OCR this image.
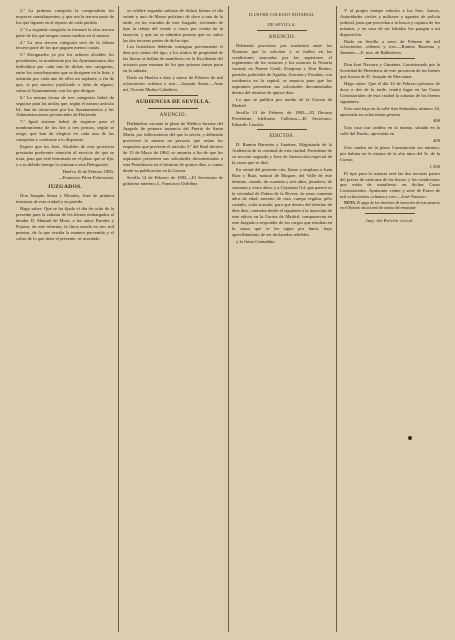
2.ª La primera categoría la compondrán los mayores contribuyentes, y que sea la tercera parte de los que figuren en el reparto de cada partido.

3.ª La segunda categoría la formará la otra tercera parte de los que tengan cuotas medias en el mismo.

4.ª La otra tercera categoría será de la última tercera parte de los que paguen menos cuotas.

5.ª Designados ya por los señores alcaldes los presidentes, se nombrarán por los Ayuntamientos dos individuos por cada una de dichas tres categorías, entre los contribuyentes que se designen en la lista; y asistirán por cada uno de ellos un suplente, a fin de que, si por motivo justificado o falta de alguno, cubra el Ayuntamiento con los que designe.

6.ª La misma forma de tres categorías habrá de seguirse para las tarifas que, según el mismo artículo 64, han de observarse por los Ayuntamientos y las Administraciones provinciales de Hacienda.

7.ª Igual sistema habrá de seguirse para el nombramiento de los dos o tres peritos, según se exige, que han de elegirse en cada una de las categorías y conforme a lo dispuesto.

Espero que los Sres. Alcaldes de esta provincia prestarán preferente atención al servicio de que se trata, para que esté terminado en el plazo que se fija, y a su debido tiempo lo remitan a esta Delegación.

Huelva 16 de Febrero 1883.

—Francisco Pérez Echevarría.

JUZGADOS.

Don Joaquín Serna y Morales, Juez de primera instancia de esta ciudad y su partido.

Hago saber: Que se ha fijado el día de ocho de la presente para la subasta de los bienes embargados al deudor D. Manuel de Mora, a los autos Paredes y Pajares, de este término, la finca tasada en tres mil pesetas, de la que resulta la manera prevenida y el cobro de lo que tiene el presente, se acordado

se celebre segunda subasta de dichos bienes el día veinte y uno de Marzo próximo de doce a una de la tarde, en los estrados de este Juzgado, sirviendo de tipo la rebaja del veinte y cinco por ciento de la tasación, y que no se admitirá postura que no cubra las dos terceras partes de dicho tipo.

Los licitadores deberán consignar previamente el diez por ciento del tipo, y los títulos de propiedad de las fincas se hallan de manifiesto en la Escribanía del actuario para examen de los que quieran tomar parte en la subasta.

Dado en Huelva a diez y nueve de Febrero de mil ochocientos ochenta y tres.—Joaquín Serna.—Ante mí, Vicente Muñoz Caballero.

AUDIENCIA DE SEVILLA.
ANUNCIO.

Hallándose vacante la plaza de Médico forense del Juzgado de primera instancia del Puerto de Santa María, por fallecimiento del que la servía, y debiendo proveerse la misma en persona que reúna los requisitos que previene el artículo 3.º del Real decreto de 13 de Mayo de 1862, se anuncia a fin de que los aspirantes presenten sus solicitudes documentadas a esta Presidencia en el término de quince días, a contar desde su publicación en la Gaceta.

Sevilla 14 de Febrero de 1883.—El Secretario de gobierno interino, L. Francisco Ordóñez.

ILUSTRE COLEGIO NOTARIAL
DE SEVILLA.
ANUNCIO.

Debiendo proveerse por traslación entre los Notarios que lo soliciten y se hallen en las condiciones marcadas por las superiores el reglamento de los notarios y los notarios la Notaría vacante en Puente Genil, Estepona y Don Benito, partidos judiciales de Aguilar, Aracena y Posadas, con residencia en la capital, se anuncia para que los aspirantes presenten sus solicitudes documentadas dentro del término de quince días.

Lo que se publica por medio de la Gaceta de Madrid.

Sevilla 13 de Febrero de 1883.—El Decano Presidente, Idelfonso Calleron.—El Secretario, Eduardo Carrión.

EDICTOS.

D. Ramón Barrenta y Jiménez, Magistrado de la Audiencia de lo criminal de esta ciudad, Presidente de su sección segunda y Juez de Instrucción especial de la causa que se dirá.

En virtud del presente cito, llamo y emplazo a Juan Ruiz y Ruiz, natural de Moguer, del Valle de este término, casado, de cuarenta y seis años, jornalero, de cuarenta y cinco años, y a Cayetano Gil, que parece es la vecindad de Palma de la Rivera, de unos cuarenta años de edad, moreno de cara, cuerpo regular, pelo castaño, color tostado; para que dentro del término de diez días, contados desde el siguiente a la inserción de este edicto en la Gaceta de Madrid, comparezcan en este Juzgado a responder de los cargos que resultan en la causa que se les sigue por hurto, bajo apercibimiento de ser declarados rebeldes.

y la firmo Granadina.

Y al propio tiempo exhorto a los Sres. Jueces, Autoridades civiles y militares y agentes de policía judicial, para que procedan a la busca y captura de los mismos, y en caso de ser habidos los pongan a mi disposición.

Dado en Sevilla a trece de Febrero de mil ochocientos ochenta y tres.—Ramón Barrenta y Jiménez.—E. mar. de Ballesteros.

Don José Navarro y Giménez, Comisionado por la Sociedad de Herederos de este provincia de los bienes que fueron de D. Joaquín de Mercamar.

Hago saber: Que el día 24 de Febrero próximo de doce a dos de la tarde, tendrá lugar en las Casas Consistoriales de esta ciudad la subasta de los bienes siguientes:

Una casa baja en la calle San Sebastián, número 34, apreciada en ochocientas pesetas

400

Una casa con cambio en la misma, situada en la calle del Puerto, apreciada en

400

Una cuadra en la plaza Constitución sin número, por habitar en la misma de la alta mira del Sr. de la Cuesta

1.500

El tipo para la subasta será las dos terceras partes del precio de cada una de las fincas, y las condiciones que están de manifiesto en dichas Casas Consistoriales. Ayamonte veinte y siete de Enero de mil ochocientos ochenta y tres.—José Navarro.

NOTA. El pago de los derechos de inserción de este anuncio en el Boletín oficial será de cuenta del rematante.

Imp. del Boletín oficial.
